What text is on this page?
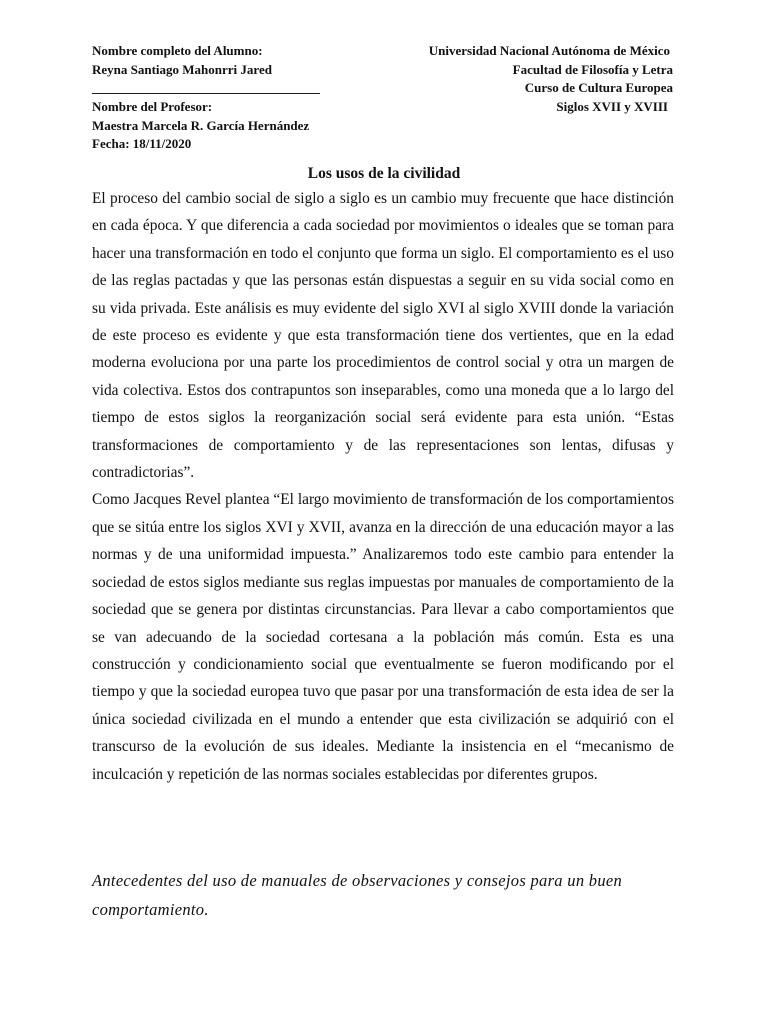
Nombre completo del Alumno:
Reyna Santiago Mahonrri Jared
Nombre del Profesor:
Maestra Marcela R. García Hernández
Fecha: 18/11/2020
Universidad Nacional Autónoma de México
Facultad de Filosofía y Letra
Curso de Cultura Europea
Siglos XVII y XVIII
Los usos de la civilidad

El proceso del cambio social de siglo a siglo es un cambio muy frecuente que hace distinción en cada época. Y que diferencia a cada sociedad por movimientos o ideales que se toman para hacer una transformación en todo el conjunto que forma un siglo. El comportamiento es el uso de las reglas pactadas y que las personas están dispuestas a seguir en su vida social como en su vida privada. Este análisis es muy evidente del siglo XVI al siglo XVIII donde la variación de este proceso es evidente y que esta transformación tiene dos vertientes, que en la edad moderna evoluciona por una parte los procedimientos de control social y otra un margen de vida colectiva. Estos dos contrapuntos son inseparables, como una moneda que a lo largo del tiempo de estos siglos la reorganización social será evidente para esta unión. “Estas transformaciones de comportamiento y de las representaciones son lentas, difusas y contradictorias”.

Como Jacques Revel plantea “El largo movimiento de transformación de los comportamientos que se sitúa entre los siglos XVI y XVII, avanza en la dirección de una educación mayor a las normas y de una uniformidad impuesta.” Analizaremos todo este cambio para entender la sociedad de estos siglos mediante sus reglas impuestas por manuales de comportamiento de la sociedad que se genera por distintas circunstancias. Para llevar a cabo comportamientos que se van adecuando de la sociedad cortesana a la población más común. Esta es una construcción y condicionamiento social que eventualmente se fueron modificando por el tiempo y que la sociedad europea tuvo que pasar por una transformación de esta idea de ser la única sociedad civilizada en el mundo a entender que esta civilización se adquirió con el transcurso de la evolución de sus ideales. Mediante la insistencia en el “mecanismo de inculcación y repetición de las normas sociales establecidas por diferentes grupos.

Antecedentes del uso de manuales de observaciones y consejos para un buen comportamiento.
